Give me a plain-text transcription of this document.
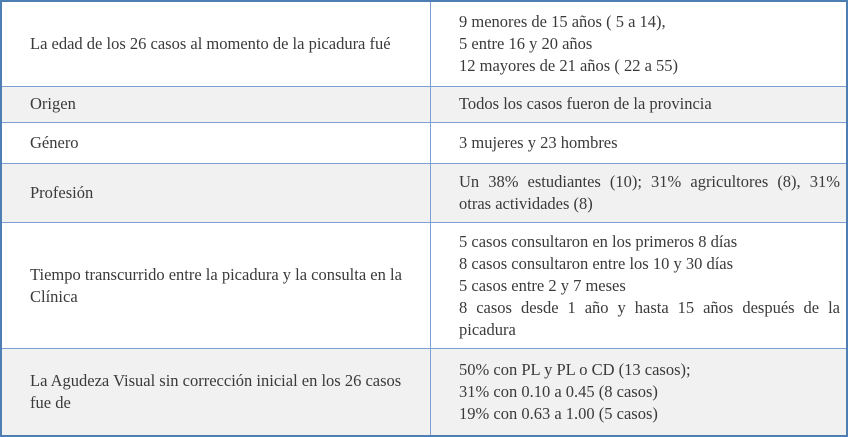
La edad de los 26 casos al momento de la picadura fué	9 menores de 15 años ( 5 a 14),
5 entre 16 y 20 años
12 mayores de 21 años ( 22 a 55)

Origen	Todos los casos fueron de la provincia

Género	3 mujeres y 23 hombres

Profesión	Un 38% estudiantes (10); 31% agricultores (8), 31% otras actividades (8)

Tiempo transcurrido entre la picadura y la consulta en la Clínica	5 casos consultaron en los primeros 8 días
8 casos consultaron entre los 10 y 30 días
5 casos entre 2 y 7 meses
8 casos desde 1 año y hasta 15 años después de la picadura

La Agudeza Visual sin corrección inicial en los 26 casos fue de	50% con PL y PL o CD (13 casos);
31% con 0.10 a 0.45 (8 casos)
19% con 0.63 a 1.00 (5 casos)
